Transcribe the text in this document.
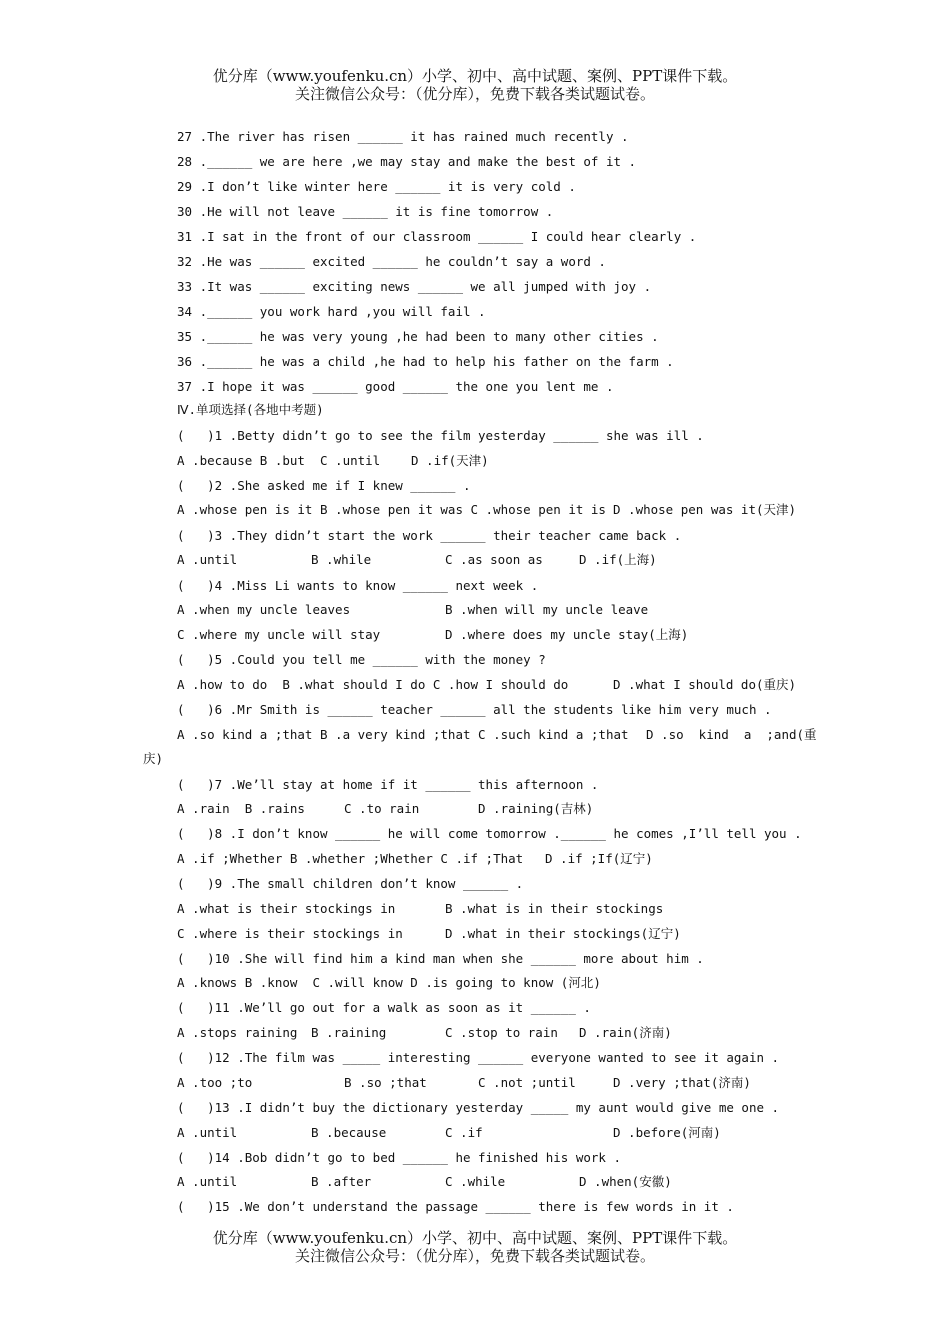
优分库（www.youfenku.cn）小学、初中、高中试题、案例、PPT课件下载。
关注微信公众号：（优分库），免费下载各类试题试卷。
27 .The river has risen ______ it has rained much recently .
28 .______ we are here ,we may stay and make the best of it .
29 .I don’t like winter here ______ it is very cold .
30 .He will not leave ______ it is fine tomorrow .
31 .I sat in the front of our classroom ______ I could hear clearly .
32 .He was ______ excited ______ he couldn’t say a word .
33 .It was ______ exciting news ______ we all jumped with joy .
34 .______ you work hard ,you will fail .
35 .______ he was very young ,he had been to many other cities .
36 .______ he was a child ,he had to help his father on the farm .
37 .I hope it was ______ good ______ the one you lent me .
Ⅳ.单项选择(各地中考题)
(   )1 .Betty didn’t go to see the film yesterday ______ she was ill .

A .because B .but  C .until

D .if(天津)

(   )2 .She asked me if I knew ______ .

A .whose pen is it B .whose pen it was C .whose pen it is

D .whose pen was it(天津)

(   )3 .They didn’t start the work ______ their teacher came back .

A .until

	B .while

	C .as soon as

	D .if(上海)

(   )4 .Miss Li wants to know ______ next week .

A .when my uncle leaves

	B .when will my uncle leave

C .where my uncle will stay

	D .where does my uncle stay(上海)

(   )5 .Could you tell me ______ with the money ?

A .how to do  B .what should I do C .how I should do

	D .what I should do(重庆)

(   )6 .Mr Smith is ______ teacher ______ all the students like him very much .

A .so kind a ;that B .a very kind ;that C .such kind a ;that

D .so  kind  a  ;and(重

庆)
(   )7 .We’ll stay at home if it ______ this afternoon .

A .rain  B .rains

	C .to rain

	D .raining(吉林)

(   )8 .I don’t know ______ he will come tomorrow .______ he comes ,I’ll tell you .

A .if ;Whether B .whether ;Whether C .if ;That

D .if ;If(辽宁)

(   )9 .The small children don’t know ______ .

A .what is their stockings in

	B .what is in their stockings

C .where is their stockings in

	D .what in their stockings(辽宁)

(   )10 .She will find him a kind man when she ______ more about him .

A .knows B .know  C .will know D .is going to know (河北)

(   )11 .We’ll go out for a walk as soon as it ______ .

A .stops raining

B .raining

	C .stop to rain

D .rain(济南)

(   )12 .The film was _____ interesting ______ everyone wanted to see it again .

A .too ;to

	B .so ;that

	C .not ;until

	D .very ;that(济南)

(   )13 .I didn’t buy the dictionary yesterday _____ my aunt would give me one .

A .until

	B .because

	C .if

	D .before(河南)

(   )14 .Bob didn’t go to bed ______ he finished his work .

A .until

	B .after

	C .while

	D .when(安徽)

(   )15 .We don’t understand the passage ______ there is few words in it .
优分库（www.youfenku.cn）小学、初中、高中试题、案例、PPT课件下载。
关注微信公众号：（优分库），免费下载各类试题试卷。
